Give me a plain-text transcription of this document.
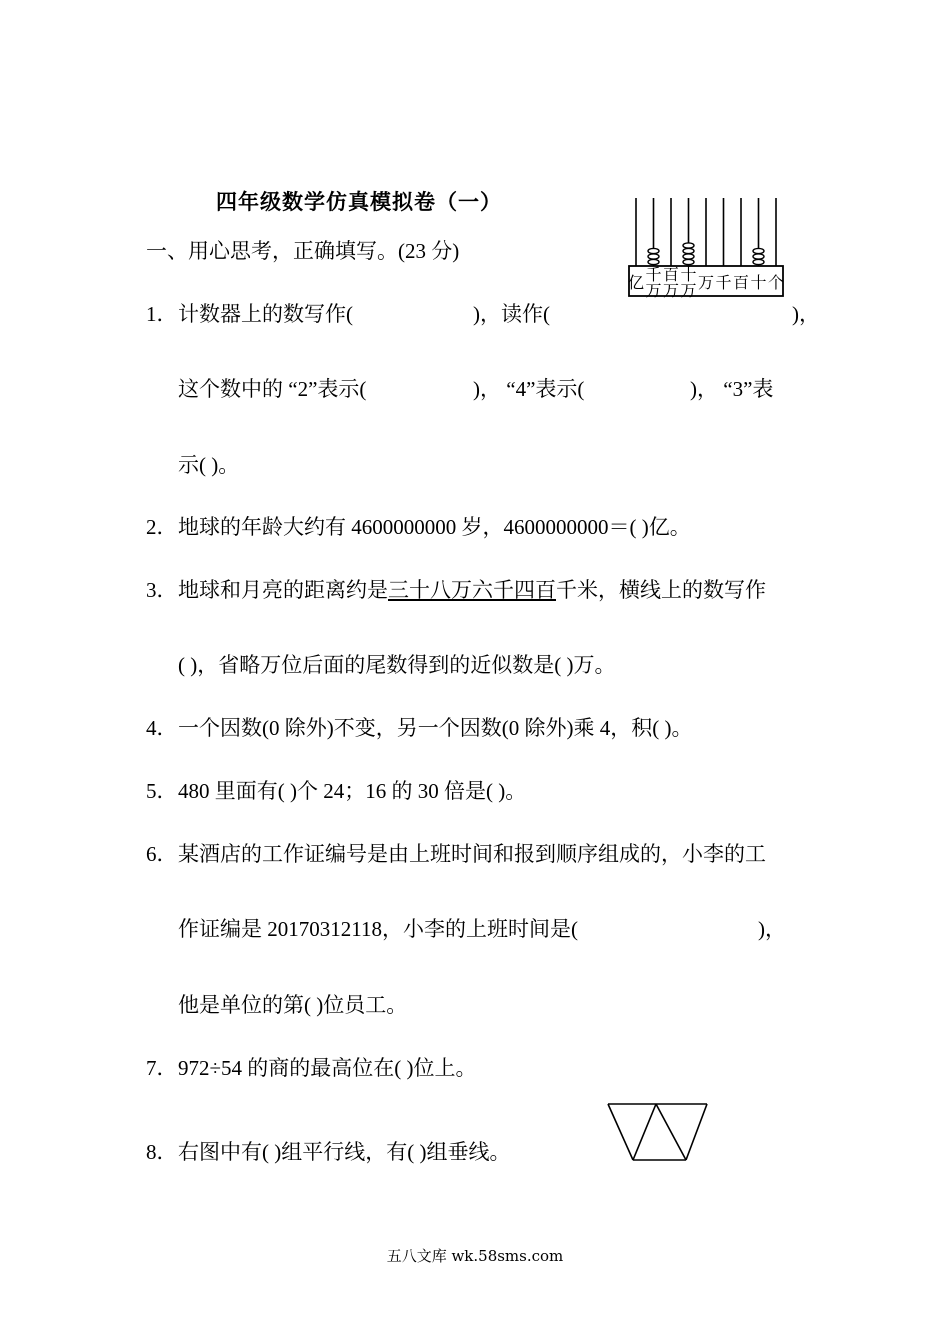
四年级数学仿真模拟卷（一）
一、用心思考，正确填写。(23 分)
1． 计数器上的数写作(	)，读作(	)，
这个数中的 “2”表示(	)， “4”表示(	)， “3”表
示( )。
2． 地球的年龄大约有 4600000000 岁，4600000000＝( )亿。
3． 地球和月亮的距离约是三十八万六千四百千米，横线上的数写作
( )，省略万位后面的尾数得到的近似数是( )万。
4． 一个因数(0 除外)不变，另一个因数(0 除外)乘 4，积( )。
5． 480 里面有( )个 24；16 的 30 倍是( )。
6． 某酒店的工作证编号是由上班时间和报到顺序组成的，小李的工
作证编是 20170312118，小李的上班时间是(	)，
他是单位的第( )位员工。
7． 972÷54 的商的最高位在( )位上。
8． 右图中有( )组平行线，有( )组垂线。
亿 千
万
百
万
十
万 万 千 百 十 个
五八文库 wk.58sms.com
